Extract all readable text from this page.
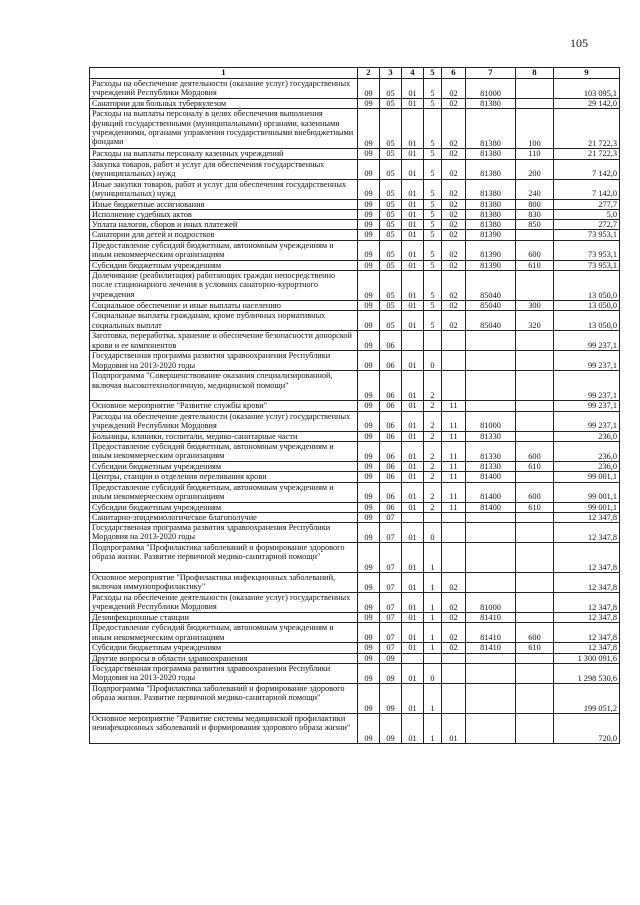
105
1	2	3	4	5	6	7	8	9
Расходы на обеспечение деятельности (оказание услуг) государственных учреждений Республики Мордовия	09	05	01	5	02	81000		103 095,1
Санатории для больных туберкулезом	09	05	01	5	02	81380		29 142,0
Расходы на выплаты персоналу в целях обеспечения выполнения функций государственными (муниципальными) органами, казенными учреждениями, органами управления государственными внебюджетными фондами	09	05	01	5	02	81380	100	21 722,3
Расходы на выплаты персоналу казенных учреждений	09	05	01	5	02	81380	110	21 722,3
Закупка товаров, работ и услуг для обеспечения государственных (муниципальных) нужд	09	05	01	5	02	81380	200	7 142,0
Иные закупки товаров, работ и услуг для обеспечения государственных (муниципальных) нужд	09	05	01	5	02	81380	240	7 142,0
Иные бюджетные ассигнования	09	05	01	5	02	81380	800	277,7
Исполнение судебных актов	09	05	01	5	02	81380	830	5,0
Уплата налогов, сборов и иных платежей	09	05	01	5	02	81380	850	272,7
Санатории для детей и подростков	09	05	01	5	02	81390		73 953,1
Предоставление субсидий бюджетным, автономным учреждениям и иным некоммерческим организациям	09	05	01	5	02	81390	600	73 953,1
Субсидии бюджетным учреждениям	09	05	01	5	02	81390	610	73 953,1
Долечивание (реабилитация) работающих граждан непосредственно после стационарного лечения в условиях санаторно-курортного учреждения	09	05	01	5	02	85040		13 050,0
Социальное обеспечение и иные выплаты населению	09	05	01	5	02	85040	300	13 050,0
Социальные выплаты гражданам, кроме публичных нормативных социальных выплат	09	05	01	5	02	85040	320	13 050,0
Заготовка, переработка, хранение и обеспечение безопасности донорской крови и ее компонентов	09	06						99 237,1
Государственная программа развития здравоохранения Республики Мордовия на 2013-2020 годы	09	06	01	0				99 237,1
Подпрограмма "Совершенствование оказания специализированной, включая высокотехнологичную, медицинской помощи"	09	06	01	2				99 237,1
Основное мероприятие "Развитие службы крови"	09	06	01	2	11			99 237,1
Расходы на обеспечение деятельности (оказание услуг) государственных учреждений Республики Мордовия	09	06	01	2	11	81000		99 237,1
Больницы, клиники, госпитали, медико-санитарные части	09	06	01	2	11	81330		236,0
Предоставление субсидий бюджетным, автономным учреждениям и иным некоммерческим организациям	09	06	01	2	11	81330	600	236,0
Субсидии бюджетным учреждениям	09	06	01	2	11	81330	610	236,0
Центры, станции и отделения переливания крови	09	06	01	2	11	81400		99 001,1
Предоставление субсидий бюджетным, автономным учреждениям и иным некоммерческим организациям	09	06	01	2	11	81400	600	99 001,1
Субсидии бюджетным учреждениям	09	06	01	2	11	81400	610	99 001,1
Санитарно-эпидемиологическое благополучие	09	07						12 347,8
Государственная программа развития здравоохранения Республики Мордовия на 2013-2020 годы	09	07	01	0				12 347,8
Подпрограмма "Профилактика заболеваний и формирование здорового образа жизни. Развитие первичной медико-санитарной помощи"	09	07	01	1				12 347,8
Основное мероприятие "Профилактика инфекционных заболеваний, включая иммунопрофилактику"	09	07	01	1	02			12 347,8
Расходы на обеспечение деятельности (оказание услуг) государственных учреждений Республики Мордовия	09	07	01	1	02	81000		12 347,8
Дезинфекционные станции	09	07	01	1	02	81410		12 347,8
Предоставление субсидий бюджетным, автономным учреждениям и иным некоммерческим организациям	09	07	01	1	02	81410	600	12 347,8
Субсидии бюджетным учреждениям	09	07	01	1	02	81410	610	12 347,8
Другие вопросы в области здравоохранения	09	09						1 300 091,6
Государственная программа развития здравоохранения Республики Мордовия на 2013-2020 годы	09	09	01	0				1 298 530,6
Подпрограмма "Профилактика заболеваний и формирование здорового образа жизни. Развитие первичной медико-санитарной помощи"	09	09	01	1				199 051,2
Основное мероприятие "Развитие системы медицинской профилактики неинфекционных заболеваний и формирования здорового образа жизни"	09	09	01	1	01			720,0
